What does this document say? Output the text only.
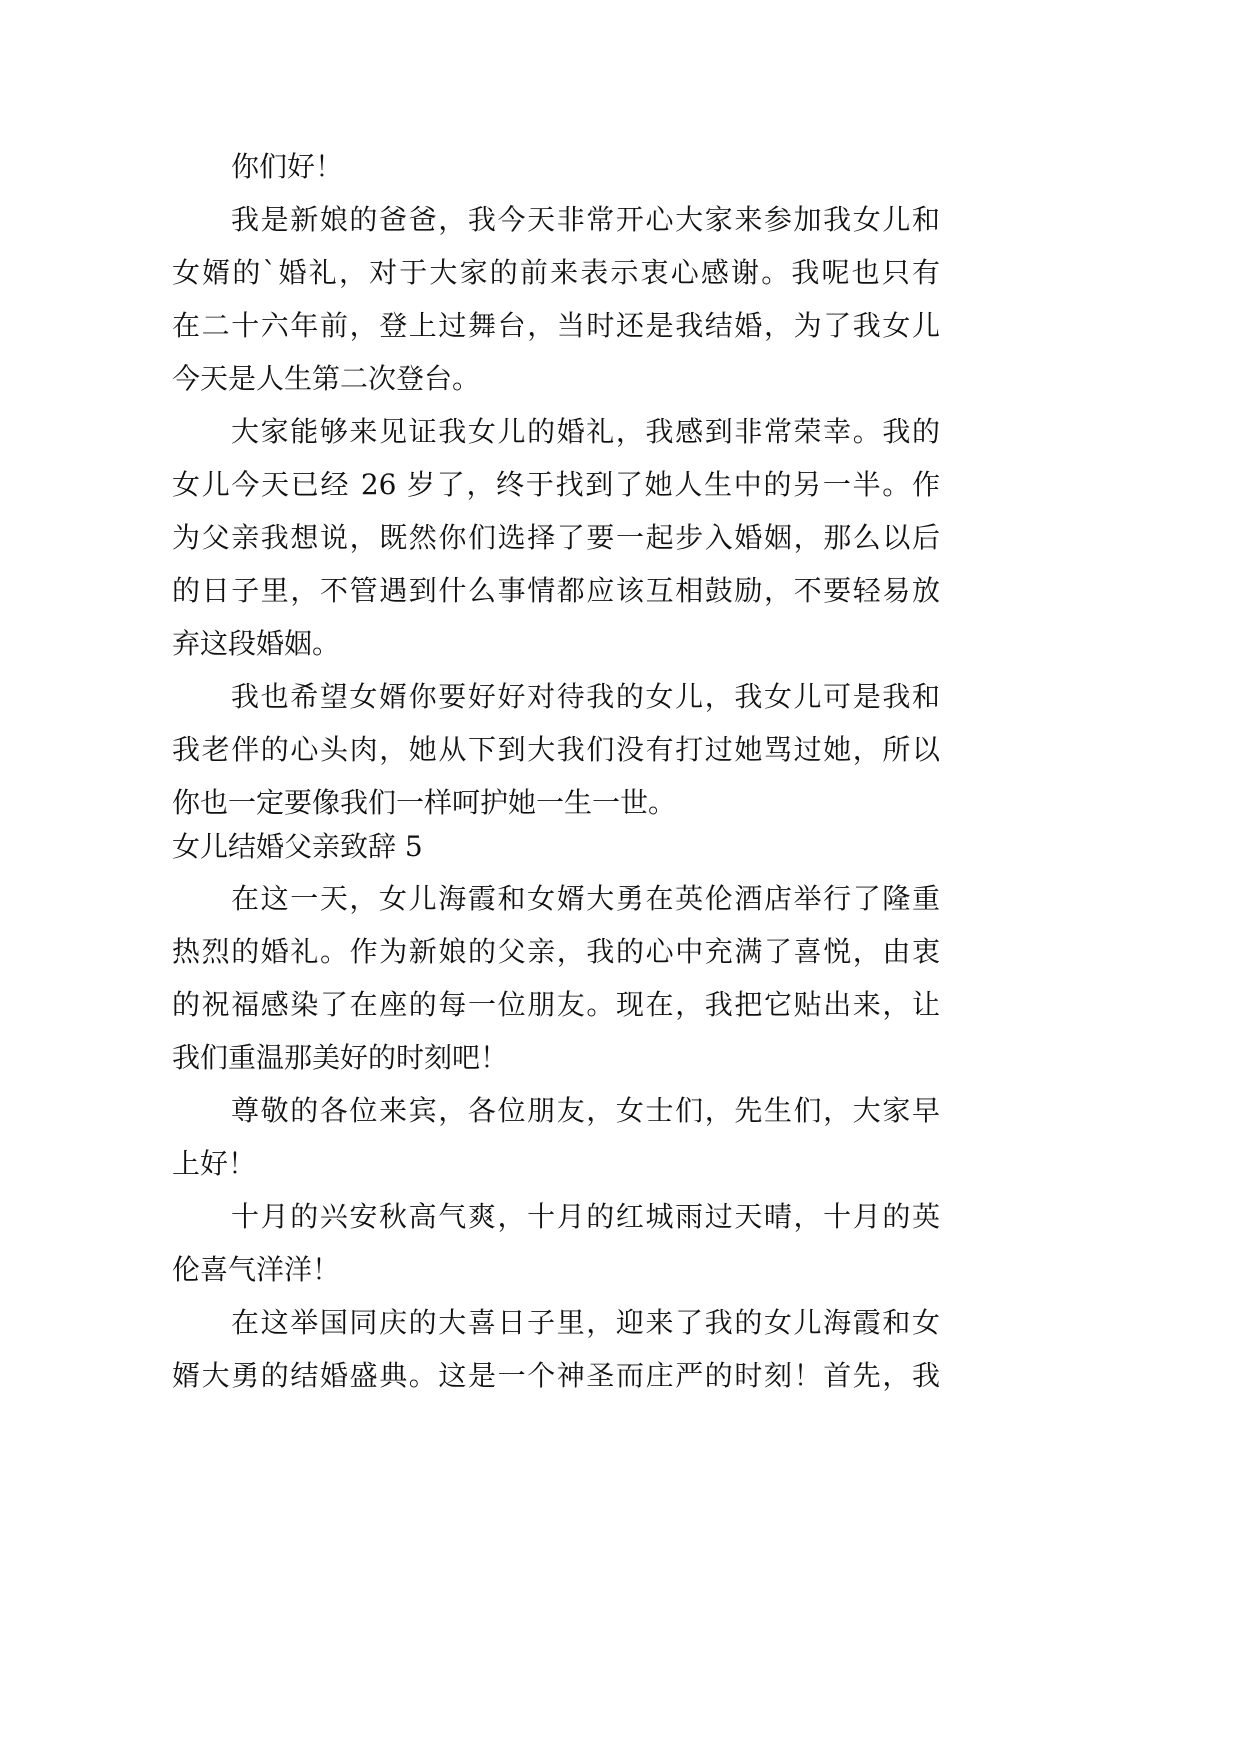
你们好！
我是新娘的爸爸，我今天非常开心大家来参加我女儿和
女婿的`婚礼，对于大家的前来表示衷心感谢。我呢也只有
在二十六年前，登上过舞台，当时还是我结婚，为了我女儿
今天是人生第二次登台。
大家能够来见证我女儿的婚礼，我感到非常荣幸。我的
女儿今天已经 26 岁了，终于找到了她人生中的另一半。作
为父亲我想说，既然你们选择了要一起步入婚姻，那么以后
的日子里，不管遇到什么事情都应该互相鼓励，不要轻易放
弃这段婚姻。
我也希望女婿你要好好对待我的女儿，我女儿可是我和
我老伴的心头肉，她从下到大我们没有打过她骂过她，所以
你也一定要像我们一样呵护她一生一世。
女儿结婚父亲致辞 5
在这一天，女儿海霞和女婿大勇在英伦酒店举行了隆重
热烈的婚礼。作为新娘的父亲，我的心中充满了喜悦，由衷
的祝福感染了在座的每一位朋友。现在，我把它贴出来，让
我们重温那美好的时刻吧！
尊敬的各位来宾，各位朋友，女士们，先生们，大家早
上好！
十月的兴安秋高气爽，十月的红城雨过天晴，十月的英
伦喜气洋洋！
在这举国同庆的大喜日子里，迎来了我的女儿海霞和女
婿大勇的结婚盛典。这是一个神圣而庄严的时刻！首先，我
